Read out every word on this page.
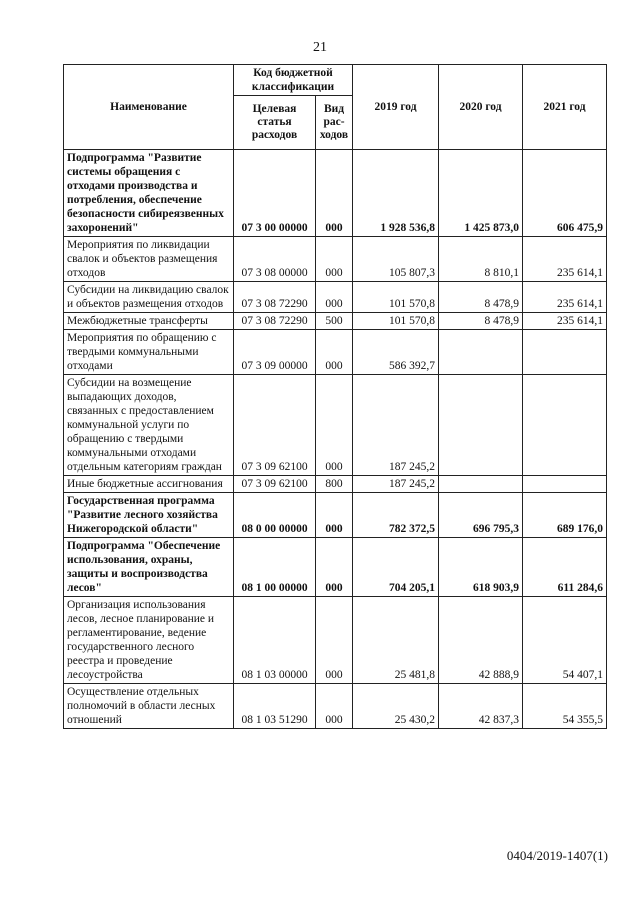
21
Наименование	Код бюджетной классификации		2019 год	2020 год	2021 год
	Целевая статья расходов	Вид рас-ходов			
Подпрограмма "Развитие системы обращения с отходами производства и потребления, обеспечение безопасности сибиреязвенных захоронений"	07 3 00 00000	000	1 928 536,8	1 425 873,0	606 475,9
Мероприятия по ликвидации свалок и объектов размещения отходов	07 3 08 00000	000	105 807,3	8 810,1	235 614,1
Субсидии на ликвидацию свалок и объектов размещения отходов	07 3 08 72290	000	101 570,8	8 478,9	235 614,1
Межбюджетные трансферты	07 3 08 72290	500	101 570,8	8 478,9	235 614,1
Мероприятия по обращению с твердыми коммунальными отходами	07 3 09 00000	000	586 392,7		
Субсидии на возмещение выпадающих доходов, связанных с предоставлением коммунальной услуги по обращению с твердыми коммунальными отходами отдельным категориям граждан	07 3 09 62100	000	187 245,2		
Иные бюджетные ассигнования	07 3 09 62100	800	187 245,2		
Государственная программа "Развитие лесного хозяйства Нижегородской области"	08 0 00 00000	000	782 372,5	696 795,3	689 176,0
Подпрограмма "Обеспечение использования, охраны, защиты и воспроизводства лесов"	08 1 00 00000	000	704 205,1	618 903,9	611 284,6
Организация использования лесов, лесное планирование и регламентирование, ведение государственного лесного реестра и проведение лесоустройства	08 1 03 00000	000	25 481,8	42 888,9	54 407,1
Осуществление отдельных полномочий в области лесных отношений	08 1 03 51290	000	25 430,2	42 837,3	54 355,5
0404/2019-1407(1)
